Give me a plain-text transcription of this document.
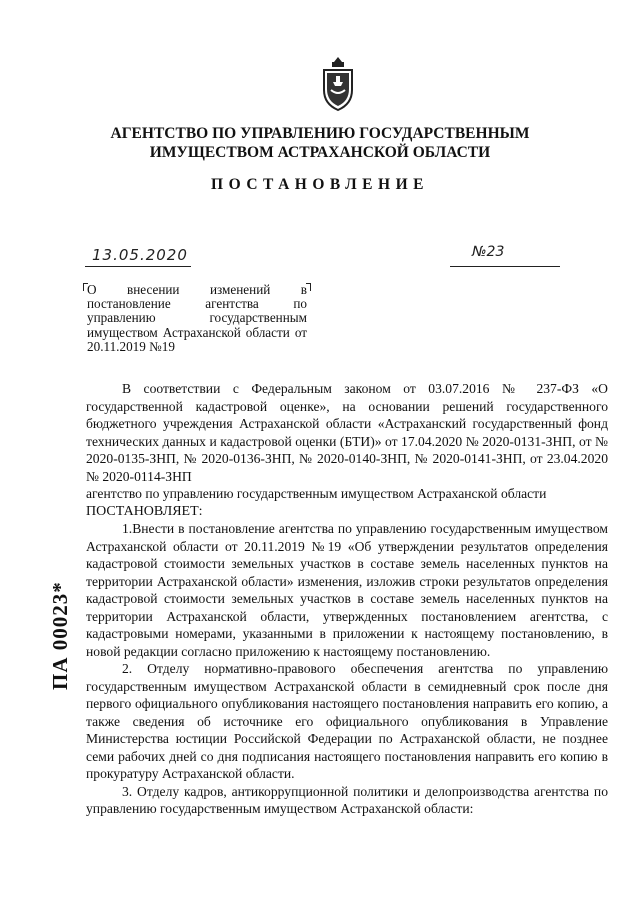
АГЕНТСТВО ПО УПРАВЛЕНИЮ ГОСУДАРСТВЕННЫМ
ИМУЩЕСТВОМ АСТРАХАНСКОЙ ОБЛАСТИ
ПОСТАНОВЛЕНИЕ
13.05.2020	№23
О внесении изменений в постановление агентства по управлению государственным имуществом Астраханской области от 20.11.2019 №19

В соответствии с Федеральным законом от 03.07.2016 № 237-ФЗ «О государственной кадастровой оценке», на основании решений государственного бюджетного учреждения Астраханской области «Астраханский государственный фонд технических данных и кадастровой оценки (БТИ)» от 17.04.2020 № 2020-0131-ЗНП, от № 2020-0135-ЗНП, № 2020-0136-ЗНП, № 2020-0140-ЗНП, № 2020-0141-ЗНП, от 23.04.2020 № 2020-0114-ЗНП

агентство по управлению государственным имуществом Астраханской области

ПОСТАНОВЛЯЕТ:

1.Внести в постановление агентства по управлению государственным имуществом Астраханской области от 20.11.2019 №19 «Об утверждении результатов определения кадастровой стоимости земельных участков в составе земель населенных пунктов на территории Астраханской области» изменения, изложив строки результатов определения кадастровой стоимости земельных участков в составе земель населенных пунктов на территории Астраханской области, утвержденных постановлением агентства, с кадастровыми номерами, указанными в приложении к настоящему постановлению, в новой редакции согласно приложению к настоящему постановлению.

2. Отделу нормативно-правового обеспечения агентства по управлению государственным имуществом Астраханской области в семидневный срок после дня первого официального опубликования настоящего постановления направить его копию, а также сведения об источнике его официального опубликования в Управление Министерства юстиции Российской Федерации по Астраханской области, не позднее семи рабочих дней со дня подписания настоящего постановления направить его копию в прокуратуру Астраханской области.

3. Отделу кадров, антикоррупционной политики и делопроизводства агентства по управлению государственным имуществом Астраханской области:

ПА 00023*
